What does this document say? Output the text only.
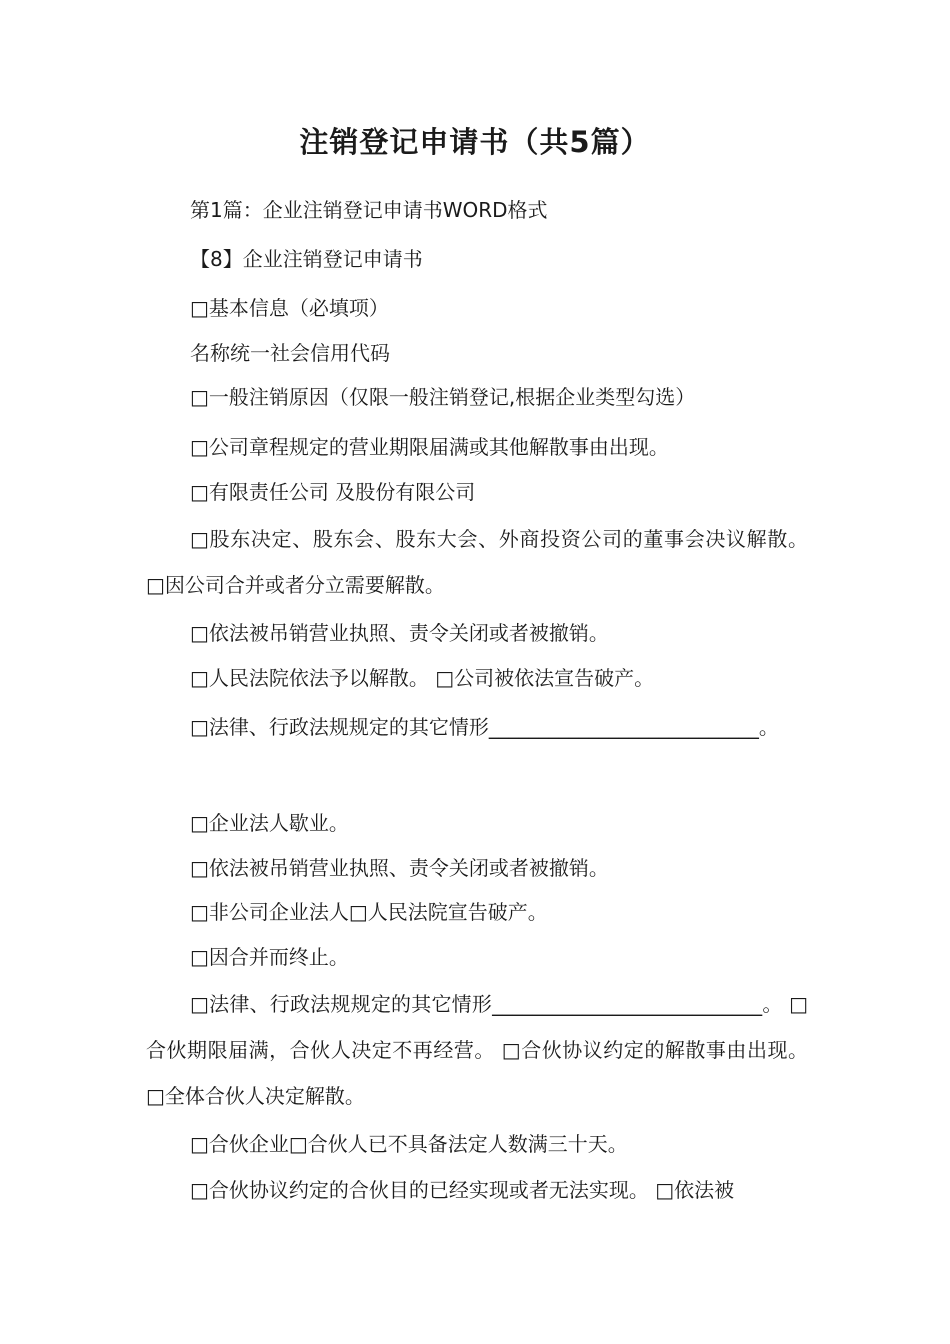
注销登记申请书（共5篇）

第1篇：企业注销登记申请书WORD格式

【8】企业注销登记申请书

□基本信息（必填项）

名称统一社会信用代码

□一般注销原因（仅限一般注销登记,根据企业类型勾选）

□公司章程规定的营业期限届满或其他解散事由出现。

□有限责任公司 及股份有限公司

□股东决定、股东会、股东大会、外商投资公司的董事会决议解散。 □因公司合并或者分立需要解散。

□依法被吊销营业执照、责令关闭或者被撤销。

□人民法院依法予以解散。 □公司被依法宣告破产。

□法律、行政法规规定的其它情形___________________________。

□企业法人歇业。

□依法被吊销营业执照、责令关闭或者被撤销。

□非公司企业法人□人民法院宣告破产。

□因合并而终止。

□法律、行政法规规定的其它情形___________________________。 □合伙期限届满，合伙人决定不再经营。 □合伙协议约定的解散事由出现。 □全体合伙人决定解散。

□合伙企业□合伙人已不具备法定人数满三十天。

□合伙协议约定的合伙目的已经实现或者无法实现。 □依法被
